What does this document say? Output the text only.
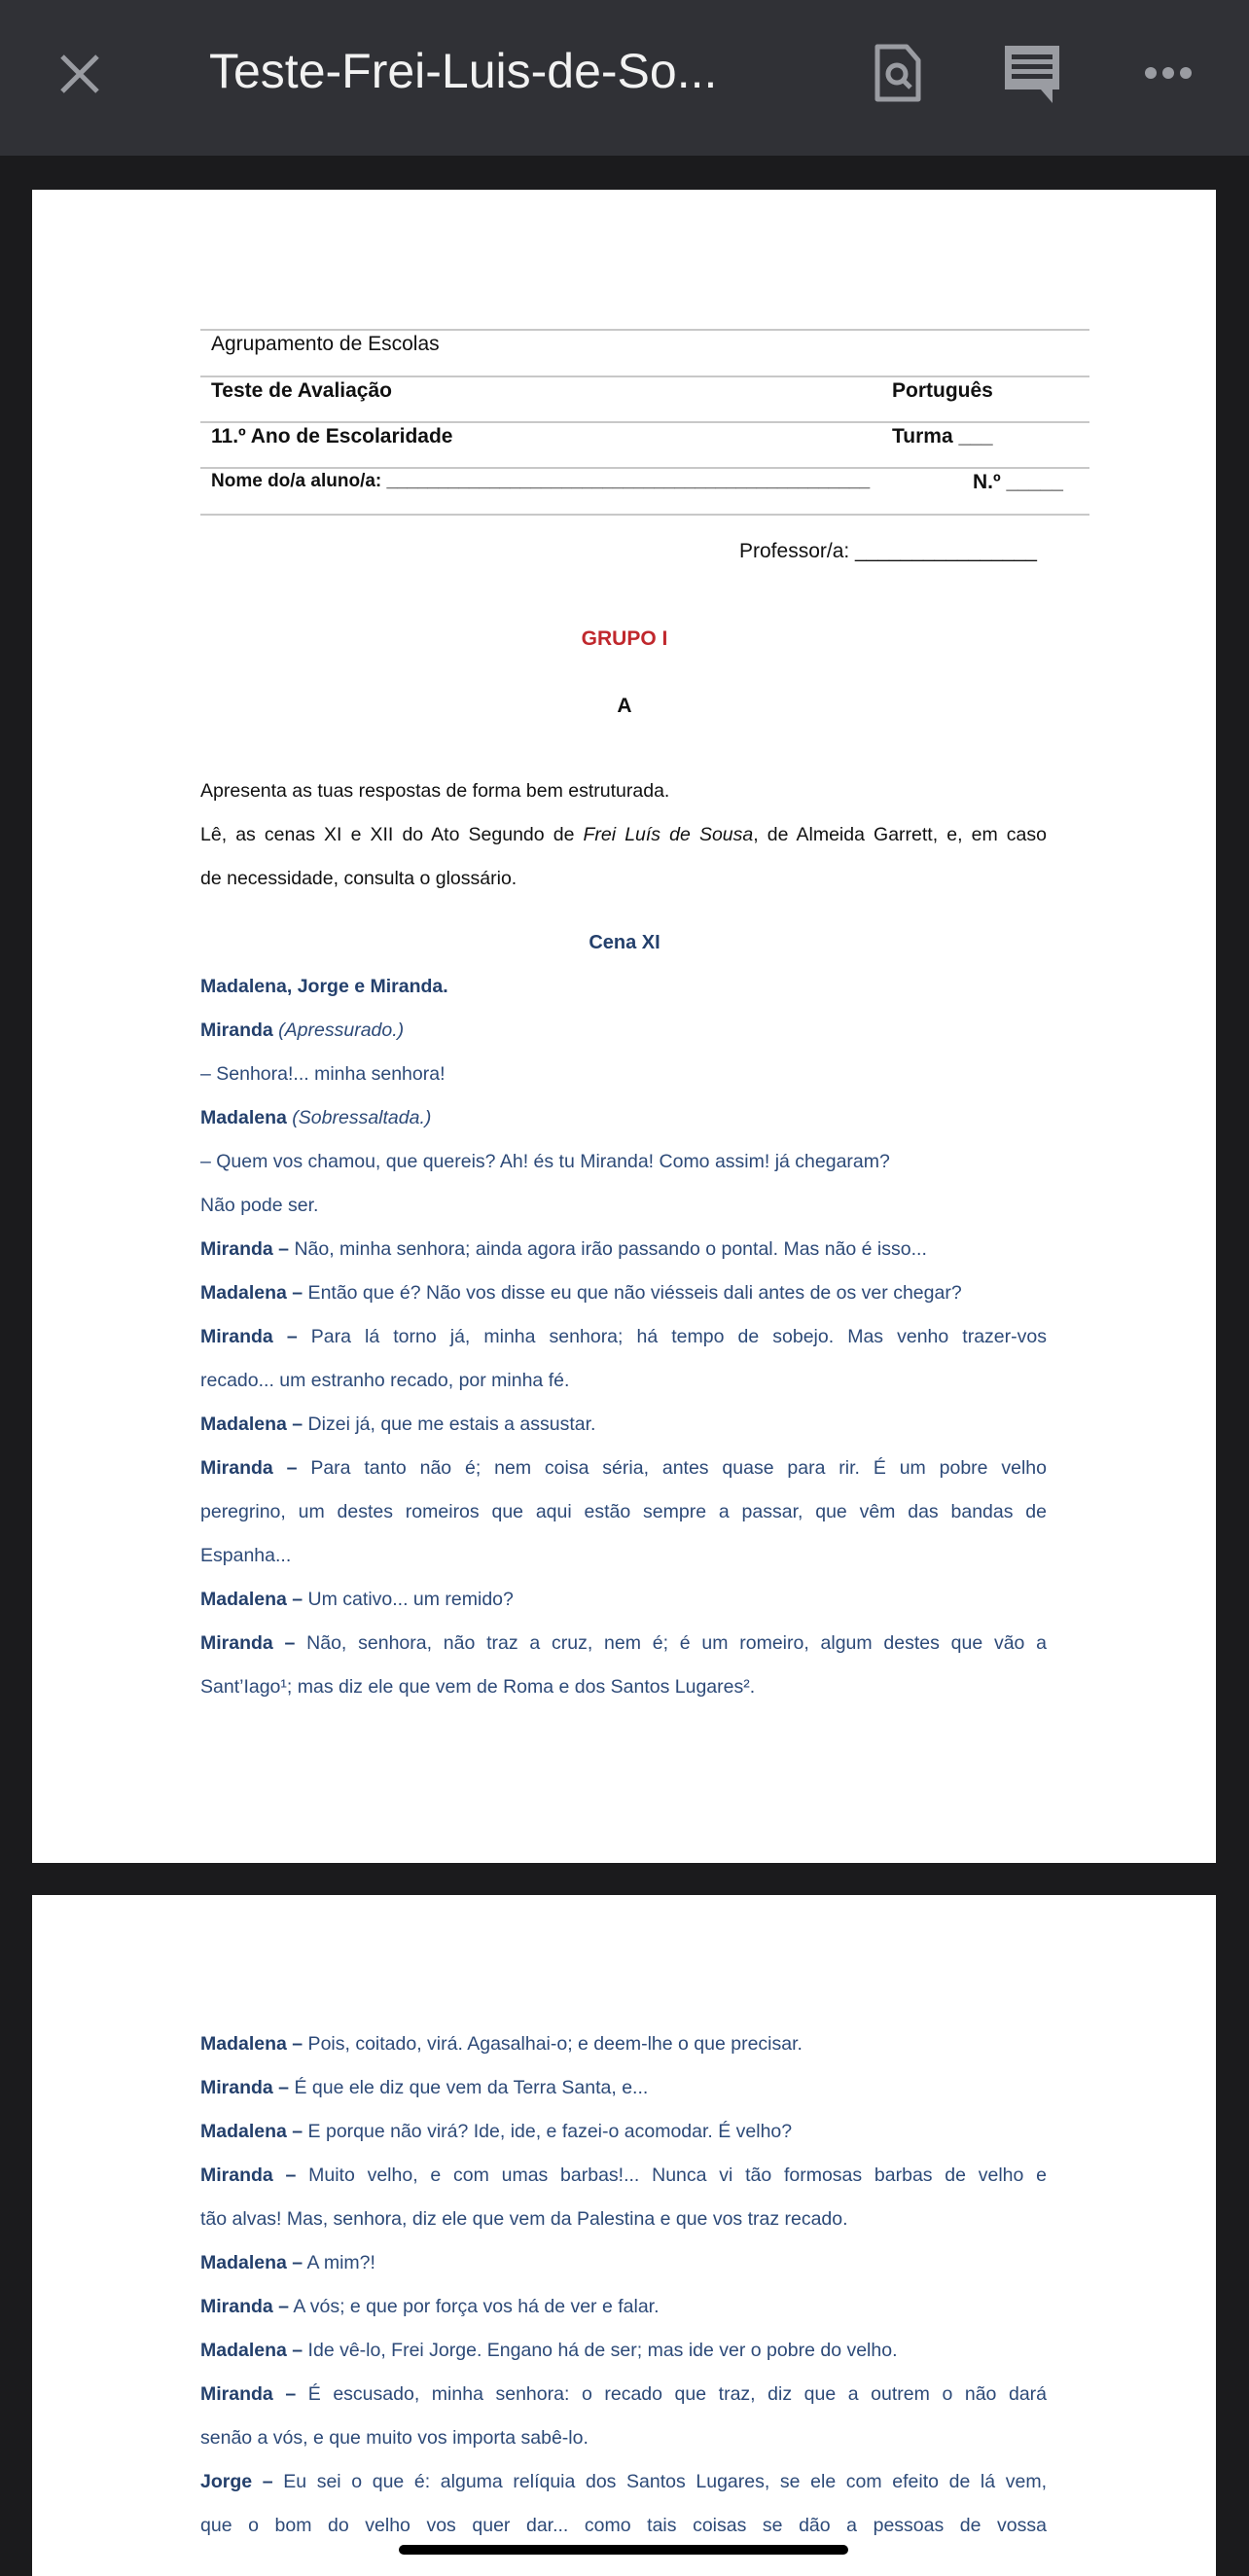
Teste-Frei-Luis-de-So...
Agrupamento de Escolas
Teste de Avaliação	Português
11.º Ano de Escolaridade	Turma ___
Nome do/a aluno/a: _______________________________________________	N.º _____
Professor/a: ________________
GRUPO I
A
Apresenta as tuas respostas de forma bem estruturada.
Lê, as cenas XI e XII do Ato Segundo de Frei Luís de Sousa, de Almeida Garrett, e, em caso
de necessidade, consulta o glossário.
Cena XI
Madalena, Jorge e Miranda.
Miranda (Apressurado.)
– Senhora!... minha senhora!
Madalena (Sobressaltada.)
– Quem vos chamou, que quereis? Ah! és tu Miranda! Como assim! já chegaram?
Não pode ser.
Miranda – Não, minha senhora; ainda agora irão passando o pontal. Mas não é isso...
Madalena – Então que é? Não vos disse eu que não viésseis dali antes de os ver chegar?
Miranda – Para lá torno já, minha senhora; há tempo de sobejo. Mas venho trazer-vos
recado... um estranho recado, por minha fé.
Madalena – Dizei já, que me estais a assustar.
Miranda – Para tanto não é; nem coisa séria, antes quase para rir. É um pobre velho
peregrino, um destes romeiros que aqui estão sempre a passar, que vêm das bandas de
Espanha...
Madalena – Um cativo... um remido?
Miranda – Não, senhora, não traz a cruz, nem é; é um romeiro, algum destes que vão a
Sant’Iago¹; mas diz ele que vem de Roma e dos Santos Lugares².
Madalena – Pois, coitado, virá. Agasalhai-o; e deem-lhe o que precisar.
Miranda – É que ele diz que vem da Terra Santa, e...
Madalena – E porque não virá? Ide, ide, e fazei-o acomodar. É velho?
Miranda – Muito velho, e com umas barbas!... Nunca vi tão formosas barbas de velho e
tão alvas! Mas, senhora, diz ele que vem da Palestina e que vos traz recado.
Madalena – A mim?!
Miranda – A vós; e que por força vos há de ver e falar.
Madalena – Ide vê-lo, Frei Jorge. Engano há de ser; mas ide ver o pobre do velho.
Miranda – É escusado, minha senhora: o recado que traz, diz que a outrem o não dará
senão a vós, e que muito vos importa sabê-lo.
Jorge – Eu sei o que é: alguma relíquia dos Santos Lugares, se ele com efeito de lá vem,
que o bom do velho vos quer dar... como tais coisas se dão a pessoas de vossa
